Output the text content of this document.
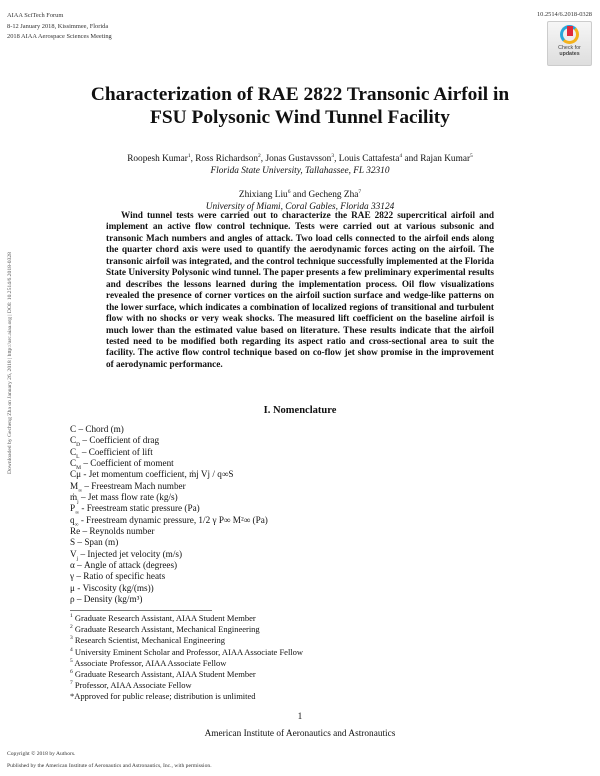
AIAA SciTech Forum
8-12 January 2018, Kissimmee, Florida
2018 AIAA Aerospace Sciences Meeting
10.2514/6.2018-0328
Check for
updates
Downloaded by Gecheng Zha on January 26, 2018 | http://arc.aiaa.org | DOI: 10.2514/6.2018-0328
Characterization of RAE 2822 Transonic Airfoil in
FSU Polysonic Wind Tunnel Facility
Roopesh Kumar$^1$, Ross Richardson$^2$, Jonas Gustavsson$^3$, Louis Cattafesta$^4$ and Rajan Kumar$^5$
Florida State University, Tallahassee, FL 32310
Zhixiang Liu$^6$ and Gecheng Zha$^7$
University of Miami, Coral Gables, Florida 33124
Wind tunnel tests were carried out to characterize the RAE 2822 supercritical airfoil and implement an active flow control technique. Tests were carried out at various subsonic and transonic Mach numbers and angles of attack. Two load cells connected to the airfoil ends along the quarter chord axis were used to quantify the aerodynamic forces acting on the airfoil. The transonic airfoil was integrated, and the control technique successfully implemented at the Florida State University Polysonic wind tunnel. The paper presents a few preliminary experimental results and describes the lessons learned during the implementation process. Oil flow visualizations revealed the presence of corner vortices on the airfoil suction surface and wedge-like patterns on the lower surface, which indicates a combination of localized regions of transitional and turbulent flow with no shocks or very weak shocks. The measured lift coefficient on the baseline airfoil is much lower than the estimated value based on literature. These results indicate that the airfoil tested need to be modified both regarding its aspect ratio and cross-sectional area to suit the facility. The active flow control technique based on co-flow jet show promise in the improvement of aerodynamic performance.
I. Nomenclature
C – Chord (m)
$C_D$ – Coefficient of drag
$C_L$ – Coefficient of lift
$C_M$ – Coefficient of moment
Cμ - Jet momentum coefficient, ṁj Vj / q∞S
$M_\infty$ – Freestream Mach number
ṁ$_j$ – Jet mass flow rate (kg/s)
$P_\infty$ - Freestream static pressure (Pa)
$q_\infty$ - Freestream dynamic pressure, 1/2 γ P∞ M²∞ (Pa)
Re – Reynolds number
S – Span (m)
$V_j$ – Injected jet velocity (m/s)
α – Angle of attack (degrees)
γ – Ratio of specific heats
μ - Viscosity (kg/(ms))
ρ – Density (kg/m³)
$^1$ Graduate Research Assistant, AIAA Student Member
$^2$ Graduate Research Assistant, Mechanical Engineering
$^3$ Research Scientist, Mechanical Engineering
$^4$ University Eminent Scholar and Professor, AIAA Associate Fellow
$^5$ Associate Professor, AIAA Associate Fellow
$^6$ Graduate Research Assistant, AIAA Student Member
$^7$ Professor, AIAA Associate Fellow
*Approved for public release; distribution is unlimited
1
American Institute of Aeronautics and Astronautics
Copyright © 2018 by Authors.
Published by the American Institute of Aeronautics and Astronautics, Inc., with permission.
